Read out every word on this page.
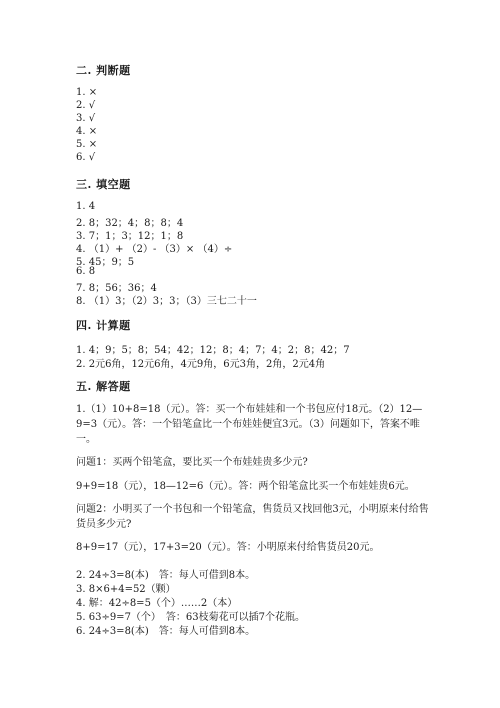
二. 判断题
1. ×
2. √
3. √
4. ×
5. ×
6. √
三. 填空题
1. 4
2. 8；32；4；8；8；4
3. 7；1；3；12；1；8
4. （1）+ （2）- （3）× （4）÷
5. 45；9；5
6. 8
7. 8；56；36；4
8. （1）3；（2）3；3；（3）三七二十一
四. 计算题
1. 4；9；5；8；54；42；12；8；4；7；4；2；8；42；7
2. 2元6角，12元6角，4元9角，6元3角，2角，2元4角
五. 解答题
1.（1）10+8=18（元）。答：买一个布娃娃和一个书包应付18元。（2）12—9=3（元）。答：一个铅笔盒比一个布娃娃便宜3元。（3）问题如下，答案不唯一。
问题1：买两个铅笔盒，要比买一个布娃娃贵多少元?
9+9=18（元），18—12=6（元）。答：两个铅笔盒比买一个布娃娃贵6元。
问题2：小明买了一个书包和一个铅笔盒，售货员又找回他3元，小明原来付给售货员多少元?
8+9=17（元），17+3=20（元）。答：小明原来付给售货员20元。
2. 24÷3=8(本)　答：每人可借到8本。
3. 8×6+4=52（颗）
4. 解：42÷8=5（个）……2（本）
5. 63÷9=7（个）　答：63枝菊花可以插7个花瓶。
6. 24÷3=8(本)　答：每人可借到8本。
